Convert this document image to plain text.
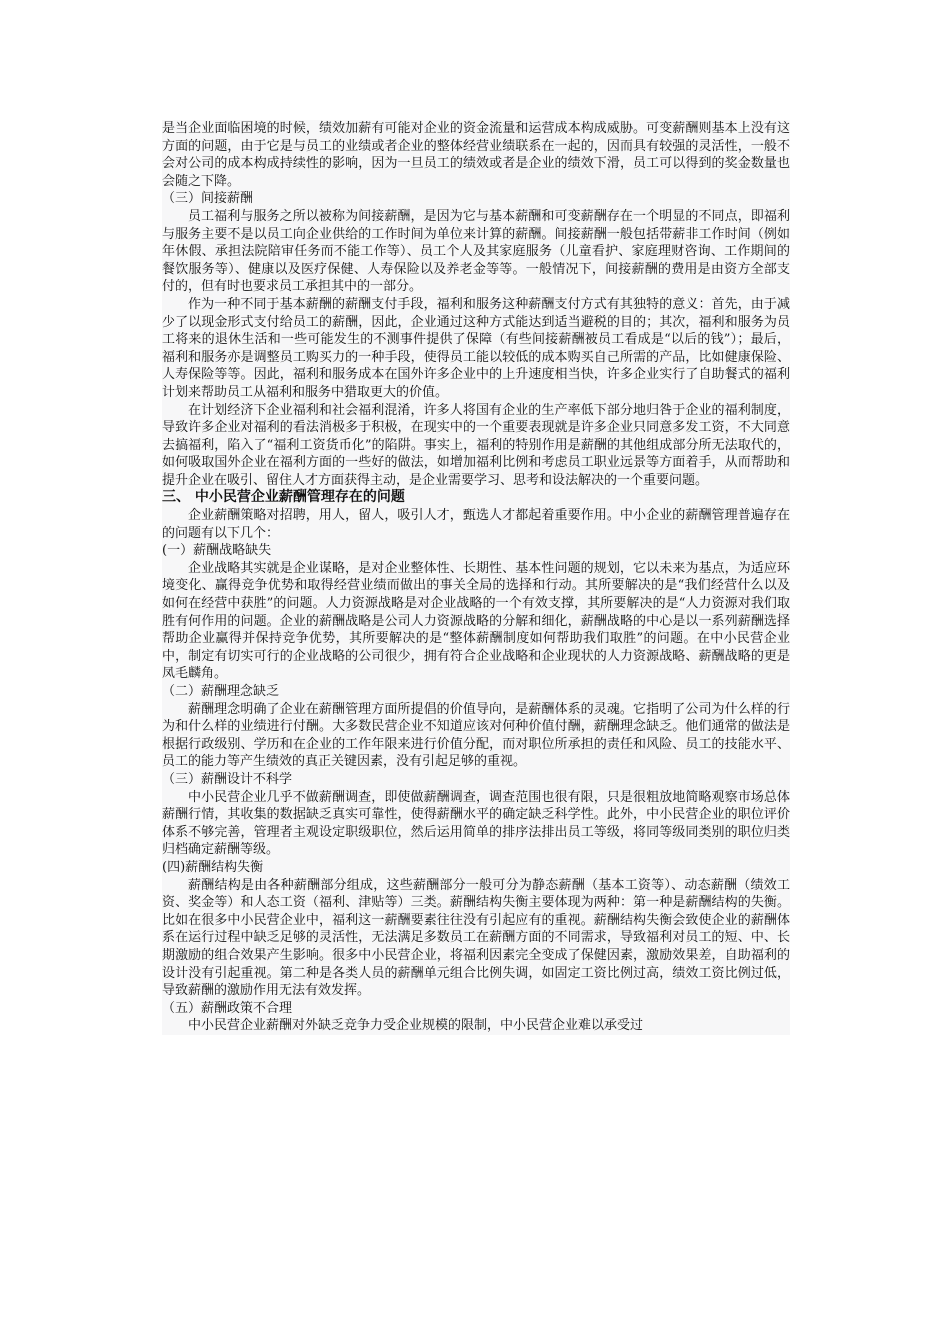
是当企业面临困境的时候，绩效加薪有可能对企业的资金流量和运营成本构成威胁。可变薪酬则基本上没有这方面的问题，由于它是与员工的业绩或者企业的整体经营业绩联系在一起的，因而具有较强的灵活性，一般不会对公司的成本构成持续性的影响，因为一旦员工的绩效或者是企业的绩效下滑，员工可以得到的奖金数量也会随之下降。

（三）间接薪酬

员工福利与服务之所以被称为间接薪酬，是因为它与基本薪酬和可变薪酬存在一个明显的不同点，即福利与服务主要不是以员工向企业供给的工作时间为单位来计算的薪酬。间接薪酬一般包括带薪非工作时间（例如年休假、承担法院陪审任务而不能工作等）、员工个人及其家庭服务（儿童看护、家庭理财咨询、工作期间的餐饮服务等）、健康以及医疗保健、人寿保险以及养老金等等。一般情况下，间接薪酬的费用是由资方全部支付的，但有时也要求员工承担其中的一部分。

作为一种不同于基本薪酬的薪酬支付手段，福利和服务这种薪酬支付方式有其独特的意义：首先，由于减少了以现金形式支付给员工的薪酬，因此，企业通过这种方式能达到适当避税的目的；其次，福利和服务为员工将来的退休生活和一些可能发生的不测事件提供了保障（有些间接薪酬被员工看成是“以后的钱”）；最后，福利和服务亦是调整员工购买力的一种手段，使得员工能以较低的成本购买自己所需的产品，比如健康保险、人寿保险等等。因此，福利和服务成本在国外许多企业中的上升速度相当快，许多企业实行了自助餐式的福利计划来帮助员工从福利和服务中猎取更大的价值。

在计划经济下企业福利和社会福利混淆，许多人将国有企业的生产率低下部分地归咎于企业的福利制度，导致许多企业对福利的看法消极多于积极，在现实中的一个重要表现就是许多企业只同意多发工资，不大同意去搞福利，陷入了“福利工资货币化”的陷阱。事实上，福利的特别作用是薪酬的其他组成部分所无法取代的，如何吸取国外企业在福利方面的一些好的做法，如增加福利比例和考虑员工职业远景等方面着手，从而帮助和提升企业在吸引、留住人才方面获得主动，是企业需要学习、思考和设法解决的一个重要问题。

三、 中小民营企业薪酬管理存在的问题

企业薪酬策略对招聘，用人，留人，吸引人才，甄选人才都起着重要作用。中小企业的薪酬管理普遍存在的问题有以下几个：

(一）薪酬战略缺失

企业战略其实就是企业谋略，是对企业整体性、长期性、基本性问题的规划，它以未来为基点，为适应环境变化、赢得竞争优势和取得经营业绩而做出的事关全局的选择和行动。其所要解决的是“我们经营什么以及如何在经营中获胜”的问题。人力资源战略是对企业战略的一个有效支撑，其所要解决的是“人力资源对我们取胜有何作用的问题。企业的薪酬战略是公司人力资源战略的分解和细化，薪酬战略的中心是以一系列薪酬选择帮助企业赢得并保持竞争优势，其所要解决的是“整体薪酬制度如何帮助我们取胜”的问题。在中小民营企业中，制定有切实可行的企业战略的公司很少，拥有符合企业战略和企业现状的人力资源战略、薪酬战略的更是凤毛麟角。

（二）薪酬理念缺乏

薪酬理念明确了企业在薪酬管理方面所提倡的价值导向，是薪酬体系的灵魂。它指明了公司为什么样的行为和什么样的业绩进行付酬。大多数民营企业不知道应该对何种价值付酬，薪酬理念缺乏。他们通常的做法是根据行政级别、学历和在企业的工作年限来进行价值分配，而对职位所承担的责任和风险、员工的技能水平、员工的能力等产生绩效的真正关键因素，没有引起足够的重视。

（三）薪酬设计不科学

中小民营企业几乎不做薪酬调查，即使做薪酬调查，调查范围也很有限，只是很粗放地简略观察市场总体薪酬行情，其收集的数据缺乏真实可靠性，使得薪酬水平的确定缺乏科学性。此外，中小民营企业的职位评价体系不够完善，管理者主观设定职级职位，然后运用简单的排序法排出员工等级，将同等级同类别的职位归类归档确定薪酬等级。

(四)薪酬结构失衡

薪酬结构是由各种薪酬部分组成，这些薪酬部分一般可分为静态薪酬（基本工资等）、动态薪酬（绩效工资、奖金等）和人态工资（福利、津贴等）三类。薪酬结构失衡主要体现为两种：第一种是薪酬结构的失衡。比如在很多中小民营企业中，福利这一薪酬要素往往没有引起应有的重视。薪酬结构失衡会致使企业的薪酬体系在运行过程中缺乏足够的灵活性，无法满足多数员工在薪酬方面的不同需求，导致福利对员工的短、中、长期激励的组合效果产生影响。很多中小民营企业，将福利因素完全变成了保健因素，激励效果差，自助福利的设计没有引起重视。第二种是各类人员的薪酬单元组合比例失调，如固定工资比例过高，绩效工资比例过低，导致薪酬的激励作用无法有效发挥。

（五）薪酬政策不合理

中小民营企业薪酬对外缺乏竞争力受企业规模的限制，中小民营企业难以承受过
